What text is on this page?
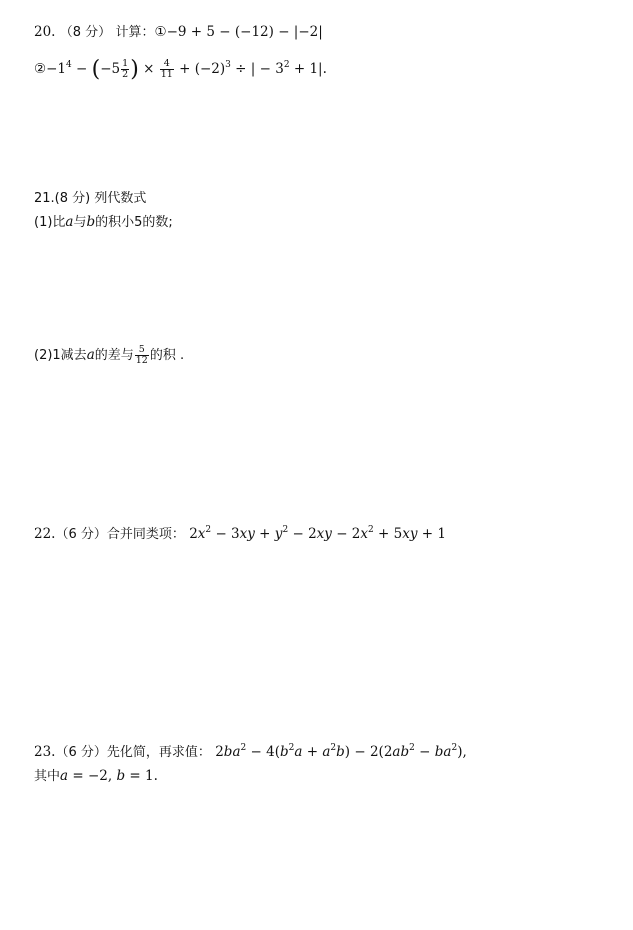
20. （8 分） 计算：①−9 + 5 − (−12) − |−2|
$②-1^4 - (-5 \frac{1}{2}$ ) × $\frac{4}{11} + (-2)^3$ ÷ | − $3^2 + 1|$.
21.(8 分) 列代数式
(1)比a与b的积小5的数;
(2)1减去a的差与 $\frac{5}{12}$ 的积 .
22.（6 分）合并同类项： $2x^2 - 3xy + y^2 - 2xy - 2x^2 + 5xy + 1$
23.（6 分）先化简，再求值： $2ba^2 - 4(b^2a + a^2b) - 2(2ab^2 - ba^2)$,
其中a = −2, b = 1.
